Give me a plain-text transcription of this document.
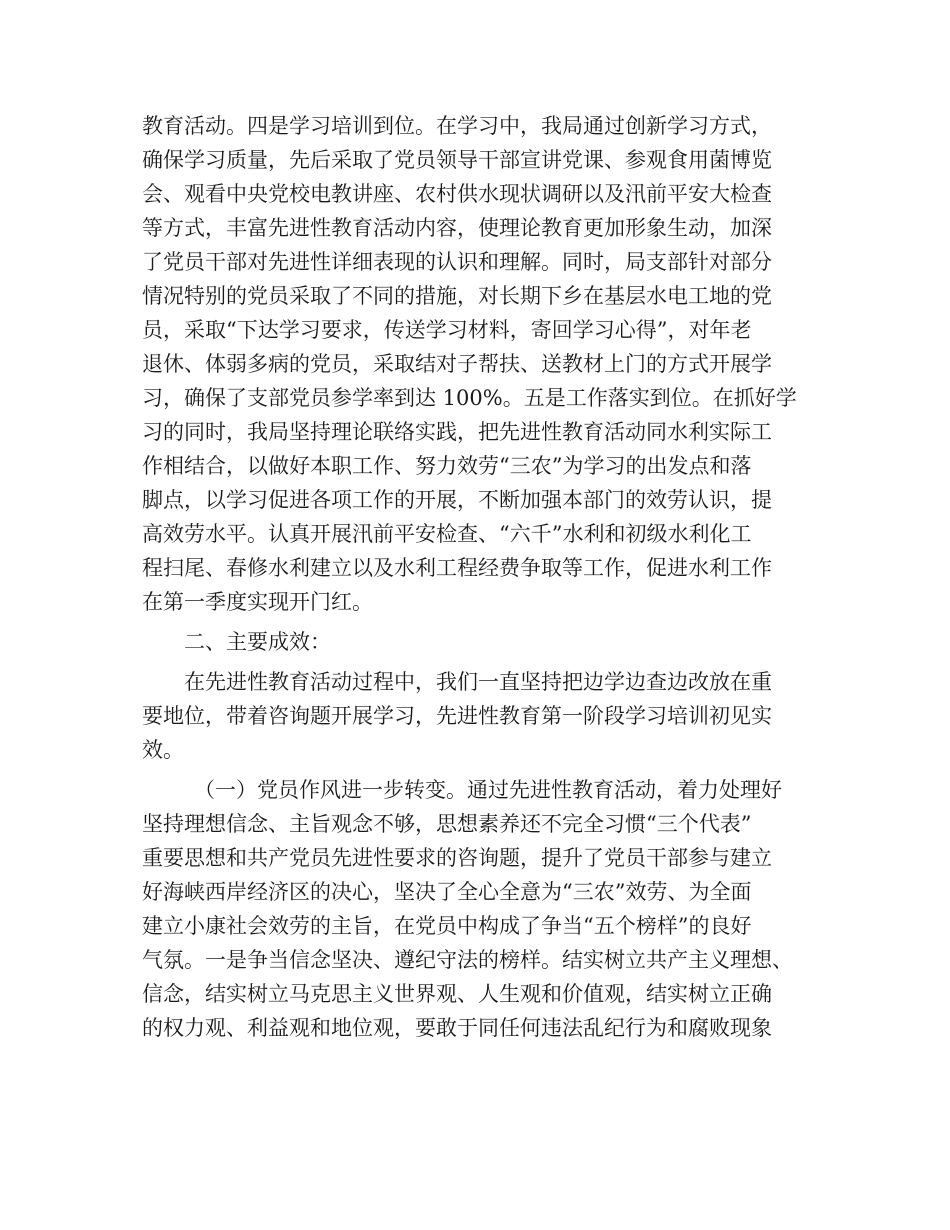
教育活动。四是学习培训到位。在学习中，我局通过创新学习方式，
确保学习质量，先后采取了党员领导干部宣讲党课、参观食用菌博览
会、观看中央党校电教讲座、农村供水现状调研以及汛前平安大检查
等方式，丰富先进性教育活动内容，使理论教育更加形象生动，加深
了党员干部对先进性详细表现的认识和理解。同时，局支部针对部分
情况特别的党员采取了不同的措施，对长期下乡在基层水电工地的党
员，采取“下达学习要求，传送学习材料，寄回学习心得”，对年老
退休、体弱多病的党员，采取结对子帮扶、送教材上门的方式开展学
习，确保了支部党员参学率到达 100%。五是工作落实到位。在抓好学
习的同时，我局坚持理论联络实践，把先进性教育活动同水利实际工
作相结合，以做好本职工作、努力效劳“三农”为学习的出发点和落
脚点，以学习促进各项工作的开展，不断加强本部门的效劳认识，提
高效劳水平。认真开展汛前平安检查、“六千”水利和初级水利化工
程扫尾、春修水利建立以及水利工程经费争取等工作，促进水利工作
在第一季度实现开门红。
二、主要成效：
在先进性教育活动过程中，我们一直坚持把边学边查边改放在重
要地位，带着咨询题开展学习，先进性教育第一阶段学习培训初见实
效。
（一）党员作风进一步转变。通过先进性教育活动，着力处理好
坚持理想信念、主旨观念不够，思想素养还不完全习惯“三个代表”
重要思想和共产党员先进性要求的咨询题，提升了党员干部参与建立
好海峡西岸经济区的决心，坚决了全心全意为“三农”效劳、为全面
建立小康社会效劳的主旨，在党员中构成了争当“五个榜样”的良好
气氛。一是争当信念坚决、遵纪守法的榜样。结实树立共产主义理想、
信念，结实树立马克思主义世界观、人生观和价值观，结实树立正确
的权力观、利益观和地位观，要敢于同任何违法乱纪行为和腐败现象
